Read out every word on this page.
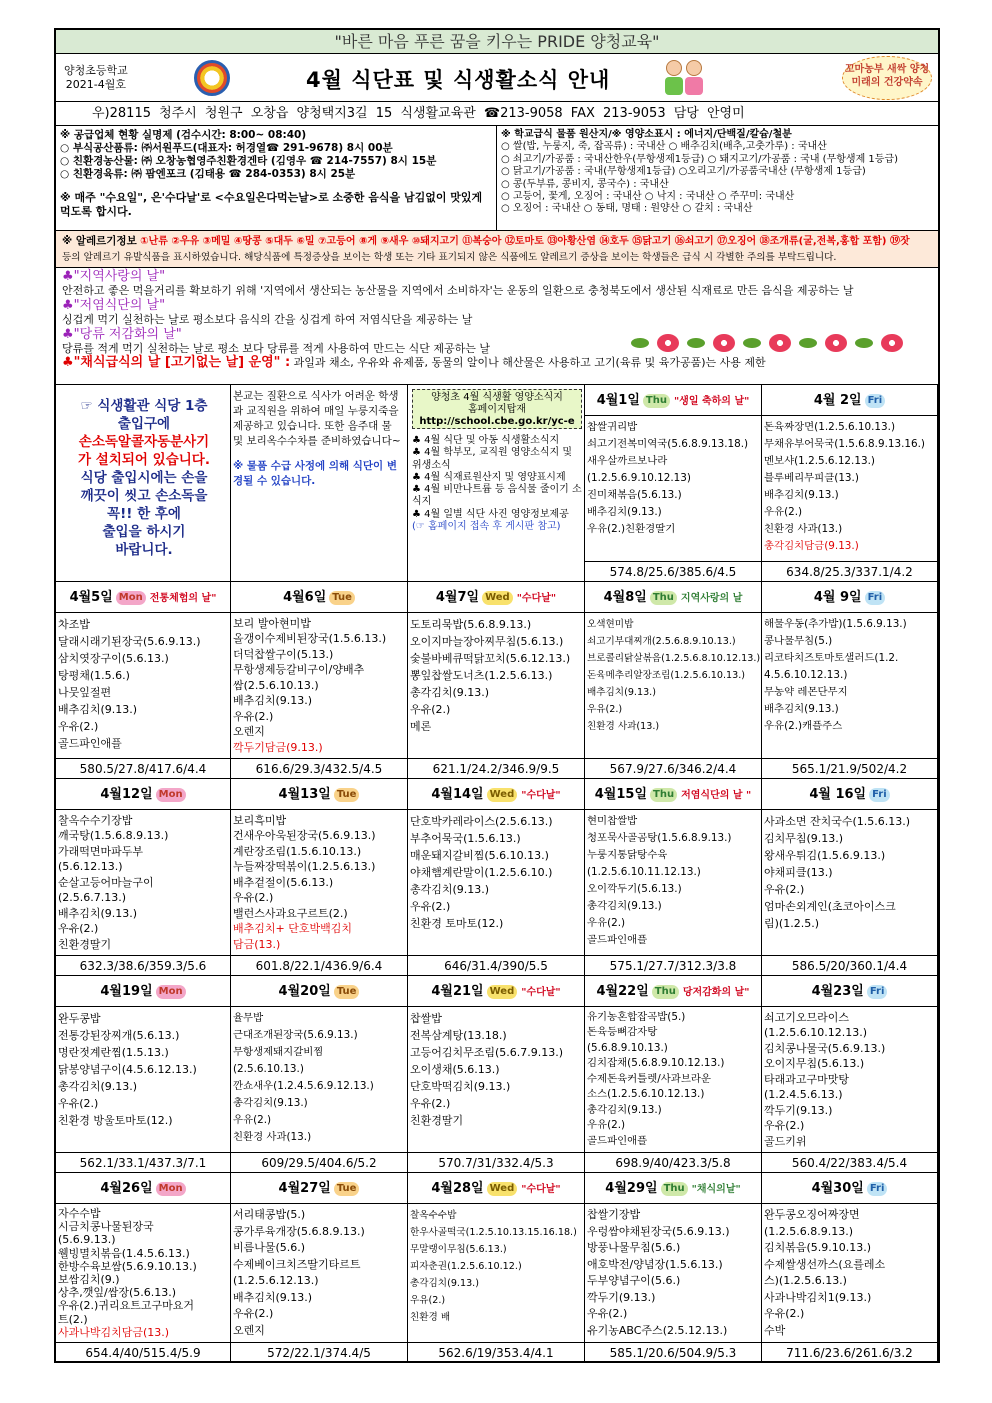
"바른 마음 푸른 꿈을 키우는 PRIDE 양청교육"
양청초등학교
2021-4월호	4월 식단표 및 식생활소식 안내	꼬마농부 새싹 양청 미래의 건강약속
우)28115 청주시 청원구 오창읍 양청택지3길 15 식생활교육관 ☎213-9058 FAX 213-9053 담당 안영미
※ 공급업체 현황 실명제 (검수시간: 8:00~ 08:40)
○ 부식공산품류: ㈜서원푸드(대표자: 허경열☎ 291-9678) 8시 00분
○ 친환경농산물: ㈜ 오창농협영주친환경겐타 (김영우 ☎ 214-7557) 8시 15분
○ 친환경육류: ㈜ 팜엔포크 (김태용 ☎ 284-0353) 8시 25분
※ 매주 "수요일", 은'수다날'로 <수요일은다먹는날>로 소중한 음식을 남김없이 맛있게 먹도록 합시다.
※ 학교급식 물품 원산지/※ 영양소표시 : 에너지/단백질/칼슘/철분
○ 쌀(밥, 누룽지, 죽, 잡곡류) : 국내산 ○ 배추김치(배추,고춧가루) : 국내산
○ 쇠고기/가공품 : 국내산한우(무항생제1등급) ○ 돼지고기/가공품 : 국내 (무항생제 1등급)
○ 닭고기/가공품 : 국내(무항생제1등급) ○오리고기/가공품국내산 (무항생제 1등급)
○ 콩(두부류, 콩비지, 콩국수) : 국내산
○ 고등어, 꽃게, 오징어 : 국내산 ○ 낙지 : 국내산 ○ 주꾸미: 국내산
○ 오징어 : 국내산 ○ 동태, 명태 : 원양산 ○ 갈치 : 국내산
※ 알레르기정보 ①난류 ②우유 ③메밀 ④땅콩 ⑤대두 ⑥밀 ⑦고등어 ⑧게 ⑨새우 ⑩돼지고기 ⑪복숭아 ⑫토마토 ⑬아황산염 ⑭호두 ⑮닭고기 ⑯쇠고기 ⑰오징어 ⑱조개류(굴,전복,홍합 포함) ⑲잣
등의 알레르기 유발식품을 표시하였습니다. 해당식품에 특정증상을 보이는 학생 또는 기타 표기되지 않은 식품에도 알레르기 증상을 보이는 학생들은 급식 시 각별한 주의를 부탁드립니다.
♣"지역사랑의 날"
안전하고 좋은 먹을거리를 확보하기 위해 '지역에서 생산되는 농산물을 지역에서 소비하자'는 운동의 일환으로 충청북도에서 생산된 식재료로 만든 음식을 제공하는 날
♣"저염식단의 날"
싱겁게 먹기 실천하는 날로 평소보다 음식의 간을 싱겁게 하여 저염식단을 제공하는 날
♣"당류 저감화의 날"
당류를 적게 먹기 실천하는 날로 평소 보다 당류를 적게 사용하여 만드는 식단 제공하는 날
♣"채식급식의 날 [고기없는 날] 운영" : 과일과 채소, 우유와 유제품, 동물의 알이나 해산물은 사용하고 고기(육류 및 육가공품)는 사용 제한
☞ 식생활관 식당 1층
출입구에
손소독알콜자동분사기
가 설치되어 있습니다.
식당 출입시에는 손을
깨끗이 씻고 손소독을
꼭!! 한 후에
출입을 하시기
바랍니다.
본교는 질환으로 식사가 어려운 학생과 교직원을 위하여 매일 누룽지죽을 제공하고 있습니다. 또한 음주대 물 및 보리옥수수차를 준비하였습니다~
※ 물품 수급 사정에 의해 식단이 변경될 수 있습니다.
양청초 4월 식생활 영양소식지
홈페이지탑재
http://school.cbe.go.kr/yc-e
♣ 4월 식단 및 아동 식생활소식지
♣ 4월 학부모, 교직원 영양소식지 및 위생소식
♣ 4월 식재료원산지 및 영양표시제
♣ 4월 비만나트륨 등 음식물 줄이기 소식지
♣ 4월 일별 식단 사진 영양정보제공
(☞ 홈페이지 접속 후 게시판 참고)
4월1일 Thu "생일 축하의 날"
찹쌀귀리밥
쇠고기전복미역국(5.6.8.9.13.18.)
새우살까르보나라
(1.2.5.6.9.10.12.13)
진미채볶음(5.6.13.)
배추김치(9.13.)
우유(2.)친환경딸기
574.8/25.6/385.6/4.5
4월 2일 Fri
돈육짜장면(1.2.5.6.10.13.)
무채유부어묵국(1.5.6.8.9.13.16.)
멘보샤(1.2.5.6.12.13.)
블루베리무피클(13.)
배추김치(9.13.)
우유(2.)
친환경 사과(13.)
총각김치담금(9.13.)
634.8/25.3/337.1/4.2
4월5일 Mon 전통체험의 날"
차조밥
달래시래기된장국(5.6.9.13.)
삼치엿장구이(5.6.13.)
탕평채(1.5.6.)
나뭇잎절편
배추김치(9.13.)
우유(2.)
골드파인애플
580.5/27.8/417.6/4.4
4월6일 Tue
보리 발아현미밥
올갱이수제비된장국(1.5.6.13.)
더덕찹쌀구이(5.13.)
무항생제등갈비구이/양배추
쌈(2.5.6.10.13.)
배추김치(9.13.)
우유(2.)
오렌지
깍두기담금(9.13.)
616.6/29.3/432.5/4.5
4월7일 Wed "수다날"
도토리묵밥(5.6.8.9.13.)
오이지마늘장아찌무침(5.6.13.)
숯불바베큐떡닭꼬치(5.6.12.13.)
뽕잎찹쌀도너츠(1.2.5.6.13.)
총각김치(9.13.)
우유(2.)
메론
621.1/24.2/346.9/9.5
4월8일 Thu 지역사랑의 날
오색현미밥
쇠고기부대찌개(2.5.6.8.9.10.13.)
브로콜리닭살볶음(1.2.5.6.8.10.12.13.)
돈육메추리알장조림(1.2.5.6.10.13.)
배추김치(9.13.)
우유(2.)
친환경 사과(13.)
567.9/27.6/346.2/4.4
4월 9일 Fri
해물우동(추가밥)(1.5.6.9.13.)
콩나물무침(5.)
리코타치즈토마토샐러드(1.2.
4.5.6.10.12.13.)
무농약 레몬단무지
배추김치(9.13.)
우유(2.)캐플주스
565.1/21.9/502/4.2
4월12일 Mon
찰옥수수기장밥
깨국탕(1.5.6.8.9.13.)
가래떡면마파두부
(5.6.12.13.)
순살고등어마늘구이
(2.5.6.7.13.)
배추김치(9.13.)
우유(2.)
친환경딸기
632.3/38.6/359.3/5.6
4월13일 Tue
보리흑미밥
건새우아욱된장국(5.6.9.13.)
계란장조림(1.5.6.10.13.)
누들짜장떡볶이(1.2.5.6.13.)
배추겉절이(5.6.13.)
우유(2.)
밸런스사과요구르트(2.)
배추김치+ 단호박백김치
담금(13.)
601.8/22.1/436.9/6.4
4월14일 Wed "수다날"
단호박카레라이스(2.5.6.13.)
부추어묵국(1.5.6.13.)
매운돼지갈비찜(5.6.10.13.)
야채햄계란말이(1.2.5.6.10.)
총각김치(9.13.)
우유(2.)
친환경 토마토(12.)
646/31.4/390/5.5
4월15일 Thu 저염식단의 날 "
현미찹쌀밥
청포묵사골곰탕(1.5.6.8.9.13.)
누룽지통닭탕수육
(1.2.5.6.10.11.12.13.)
오이깍두기(5.6.13.)
총각김치(9.13.)
우유(2.)
골드파인애플
575.1/27.7/312.3/3.8
4월 16일 Fri
사과소면 잔치국수(1.5.6.13.)
김치무침(9.13.)
왕새우튀김(1.5.6.9.13.)
야채피클(13.)
우유(2.)
엄마손외계인(초코아이스크
림)(1.2.5.)
586.5/20/360.1/4.4
4월19일 Mon
완두콩밥
전통강된장찌개(5.6.13.)
명란젓계란찜(1.5.13.)
닭봉양념구이(4.5.6.12.13.)
총각김치(9.13.)
우유(2.)
친환경 방울토마토(12.)
562.1/33.1/437.3/7.1
4월20일 Tue
율무밥
근대조개된장국(5.6.9.13.)
무항생제돼지갈비찜
(2.5.6.10.13.)
깐쇼새우(1.2.4.5.6.9.12.13.)
총각김치(9.13.)
우유(2.)
친환경 사과(13.)
609/29.5/404.6/5.2
4월21일 Wed "수다날"
찹쌀밥
전복삼계탕(13.18.)
고등어김치무조림(5.6.7.9.13.)
오이생채(5.6.13.)
단호박떡김치(9.13.)
우유(2.)
친환경딸기
570.7/31/332.4/5.3
4월22일 Thu 당저감화의 날"
유기농혼합잡곡밥(5.)
돈육등뼈감자탕
(5.6.8.9.10.13.)
김치잡채(5.6.8.9.10.12.13.)
수제돈육커틀렛/사과브라운
소스(1.2.5.6.10.12.13.)
총각김치(9.13.)
우유(2.)
골드파인애플
698.9/40/423.3/5.8
4월23일 Fri
쇠고기오므라이스
(1.2.5.6.10.12.13.)
김치콩나물국(5.6.9.13.)
오이지무침(5.6.13.)
타래과고구마맛탕
(1.2.4.5.6.13.)
깍두기(9.13.)
우유(2.)
골드키위
560.4/22/383.4/5.4
4월26일 Mon
자수수밥
시금치콩나물된장국
(5.6.9.13.)
웰빙멸치볶음(1.4.5.6.13.)
한방수육보쌈(5.6.9.10.13.)
보쌈김치(9.)
상추,깻잎/쌈장(5.6.13.)
우유(2.)귀리요트고구마요거
트(2.)
사과나박김치담금(13.)
654.4/40/515.4/5.9
4월27일 Tue
서리태콩밥(5.)
콩가루육개장(5.6.8.9.13.)
비름나물(5.6.)
수제베이크치즈딸기타르트
(1.2.5.6.12.13.)
배추김치(9.13.)
우유(2.)
오렌지
572/22.1/374.4/5
4월28일 Wed "수다날"
찰옥수수밥
한우사골떡국(1.2.5.10.13.15.16.18.)
무말랭이무침(5.6.13.)
피자춘권(1.2.5.6.10.12.)
총각김치(9.13.)
우유(2.)
친환경 배
562.6/19/353.4/4.1
4월29일 Thu "채식의날"
찹쌀기장밥
우렁쌈야채된장국(5.6.9.13.)
방풍나물무침(5.6.)
애호박전/양념장(1.5.6.13.)
두부양념구이(5.6.)
깍두기(9.13.)
우유(2.)
유기농ABC주스(2.5.12.13.)
585.1/20.6/504.9/5.3
4월30일 Fri
완두콩오징어짜장면
(1.2.5.6.8.9.13.)
김치볶음(5.9.10.13.)
수제쌀생선까스(요를레소
스)(1.2.5.6.13.)
사과나박김치1(9.13.)
우유(2.)
수박
711.6/23.6/261.6/3.2
